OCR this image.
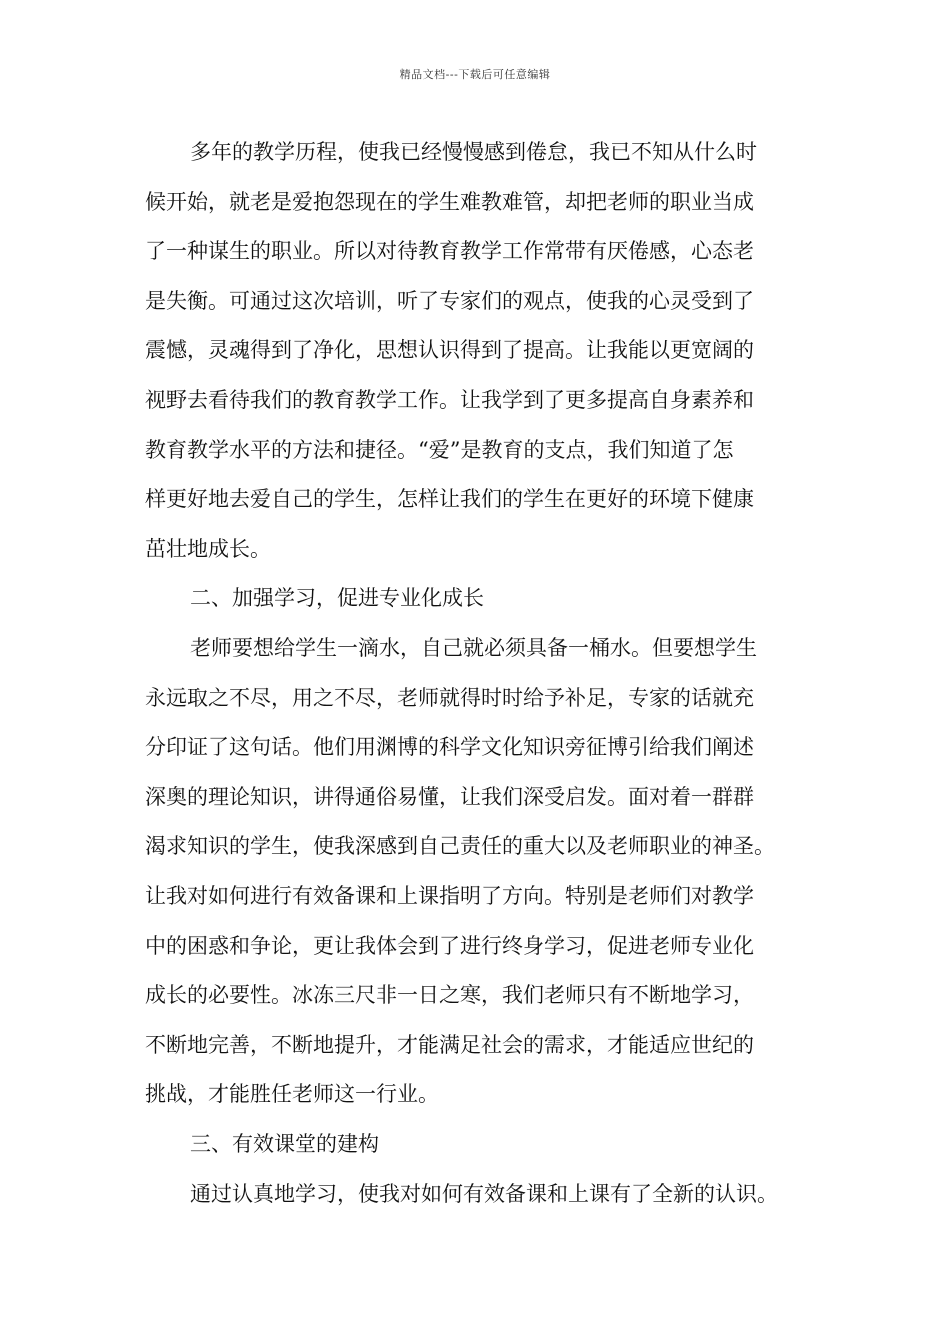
精品文档---下载后可任意编辑
多年的教学历程，使我已经慢慢感到倦怠，我已不知从什么时
候开始，就老是爱抱怨现在的学生难教难管，却把老师的职业当成
了一种谋生的职业。所以对待教育教学工作常带有厌倦感，心态老
是失衡。可通过这次培训，听了专家们的观点，使我的心灵受到了
震憾，灵魂得到了净化，思想认识得到了提高。让我能以更宽阔的
视野去看待我们的教育教学工作。让我学到了更多提高自身素养和
教育教学水平的方法和捷径。“爱”是教育的支点，我们知道了怎
样更好地去爱自己的学生，怎样让我们的学生在更好的环境下健康
茁壮地成长。
二、加强学习，促进专业化成长
老师要想给学生一滴水，自己就必须具备一桶水。但要想学生
永远取之不尽，用之不尽，老师就得时时给予补足，专家的话就充
分印证了这句话。他们用渊博的科学文化知识旁征博引给我们阐述
深奥的理论知识，讲得通俗易懂，让我们深受启发。面对着一群群
渴求知识的学生，使我深感到自己责任的重大以及老师职业的神圣。
让我对如何进行有效备课和上课指明了方向。特别是老师们对教学
中的困惑和争论，更让我体会到了进行终身学习，促进老师专业化
成长的必要性。冰冻三尺非一日之寒，我们老师只有不断地学习，
不断地完善，不断地提升，才能满足社会的需求，才能适应世纪的
挑战，才能胜任老师这一行业。
三、有效课堂的建构
通过认真地学习，使我对如何有效备课和上课有了全新的认识。
